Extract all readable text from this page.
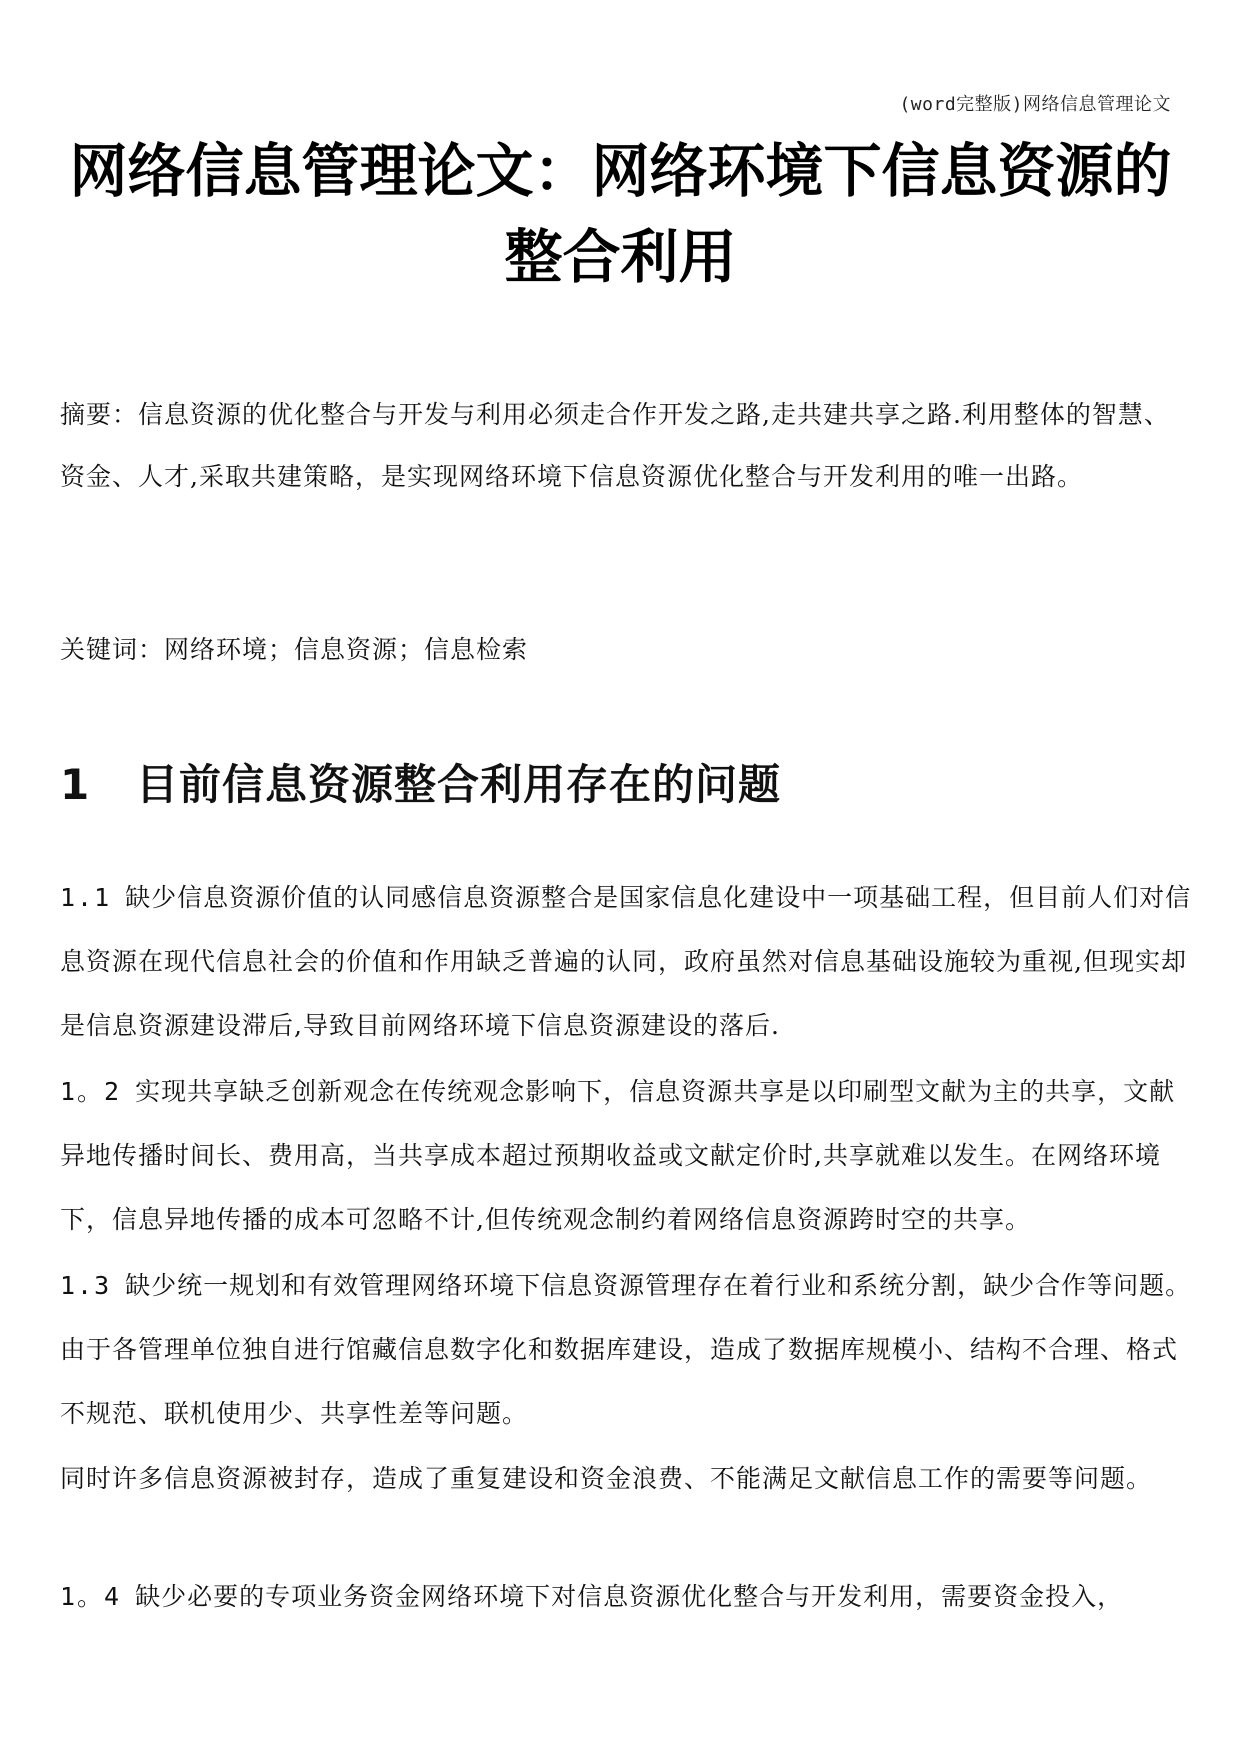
(word完整版)网络信息管理论文
网络信息管理论文：网络环境下信息资源的整合利用

摘要：信息资源的优化整合与开发与利用必须走合作开发之路,走共建共享之路.利用整体的智慧、资金、人才,采取共建策略，是实现网络环境下信息资源优化整合与开发利用的唯一出路。

关键词：网络环境；信息资源；信息检索

1 目前信息资源整合利用存在的问题

1.1 缺少信息资源价值的认同感信息资源整合是国家信息化建设中一项基础工程，但目前人们对信息资源在现代信息社会的价值和作用缺乏普遍的认同，政府虽然对信息基础设施较为重视,但现实却是信息资源建设滞后,导致目前网络环境下信息资源建设的落后.

1。2 实现共享缺乏创新观念在传统观念影响下，信息资源共享是以印刷型文献为主的共享，文献异地传播时间长、费用高，当共享成本超过预期收益或文献定价时,共享就难以发生。在网络环境下，信息异地传播的成本可忽略不计,但传统观念制约着网络信息资源跨时空的共享。

1.3 缺少统一规划和有效管理网络环境下信息资源管理存在着行业和系统分割，缺少合作等问题。由于各管理单位独自进行馆藏信息数字化和数据库建设，造成了数据库规模小、结构不合理、格式不规范、联机使用少、共享性差等问题。

同时许多信息资源被封存，造成了重复建设和资金浪费、不能满足文献信息工作的需要等问题。

1。4 缺少必要的专项业务资金网络环境下对信息资源优化整合与开发利用，需要资金投入，
